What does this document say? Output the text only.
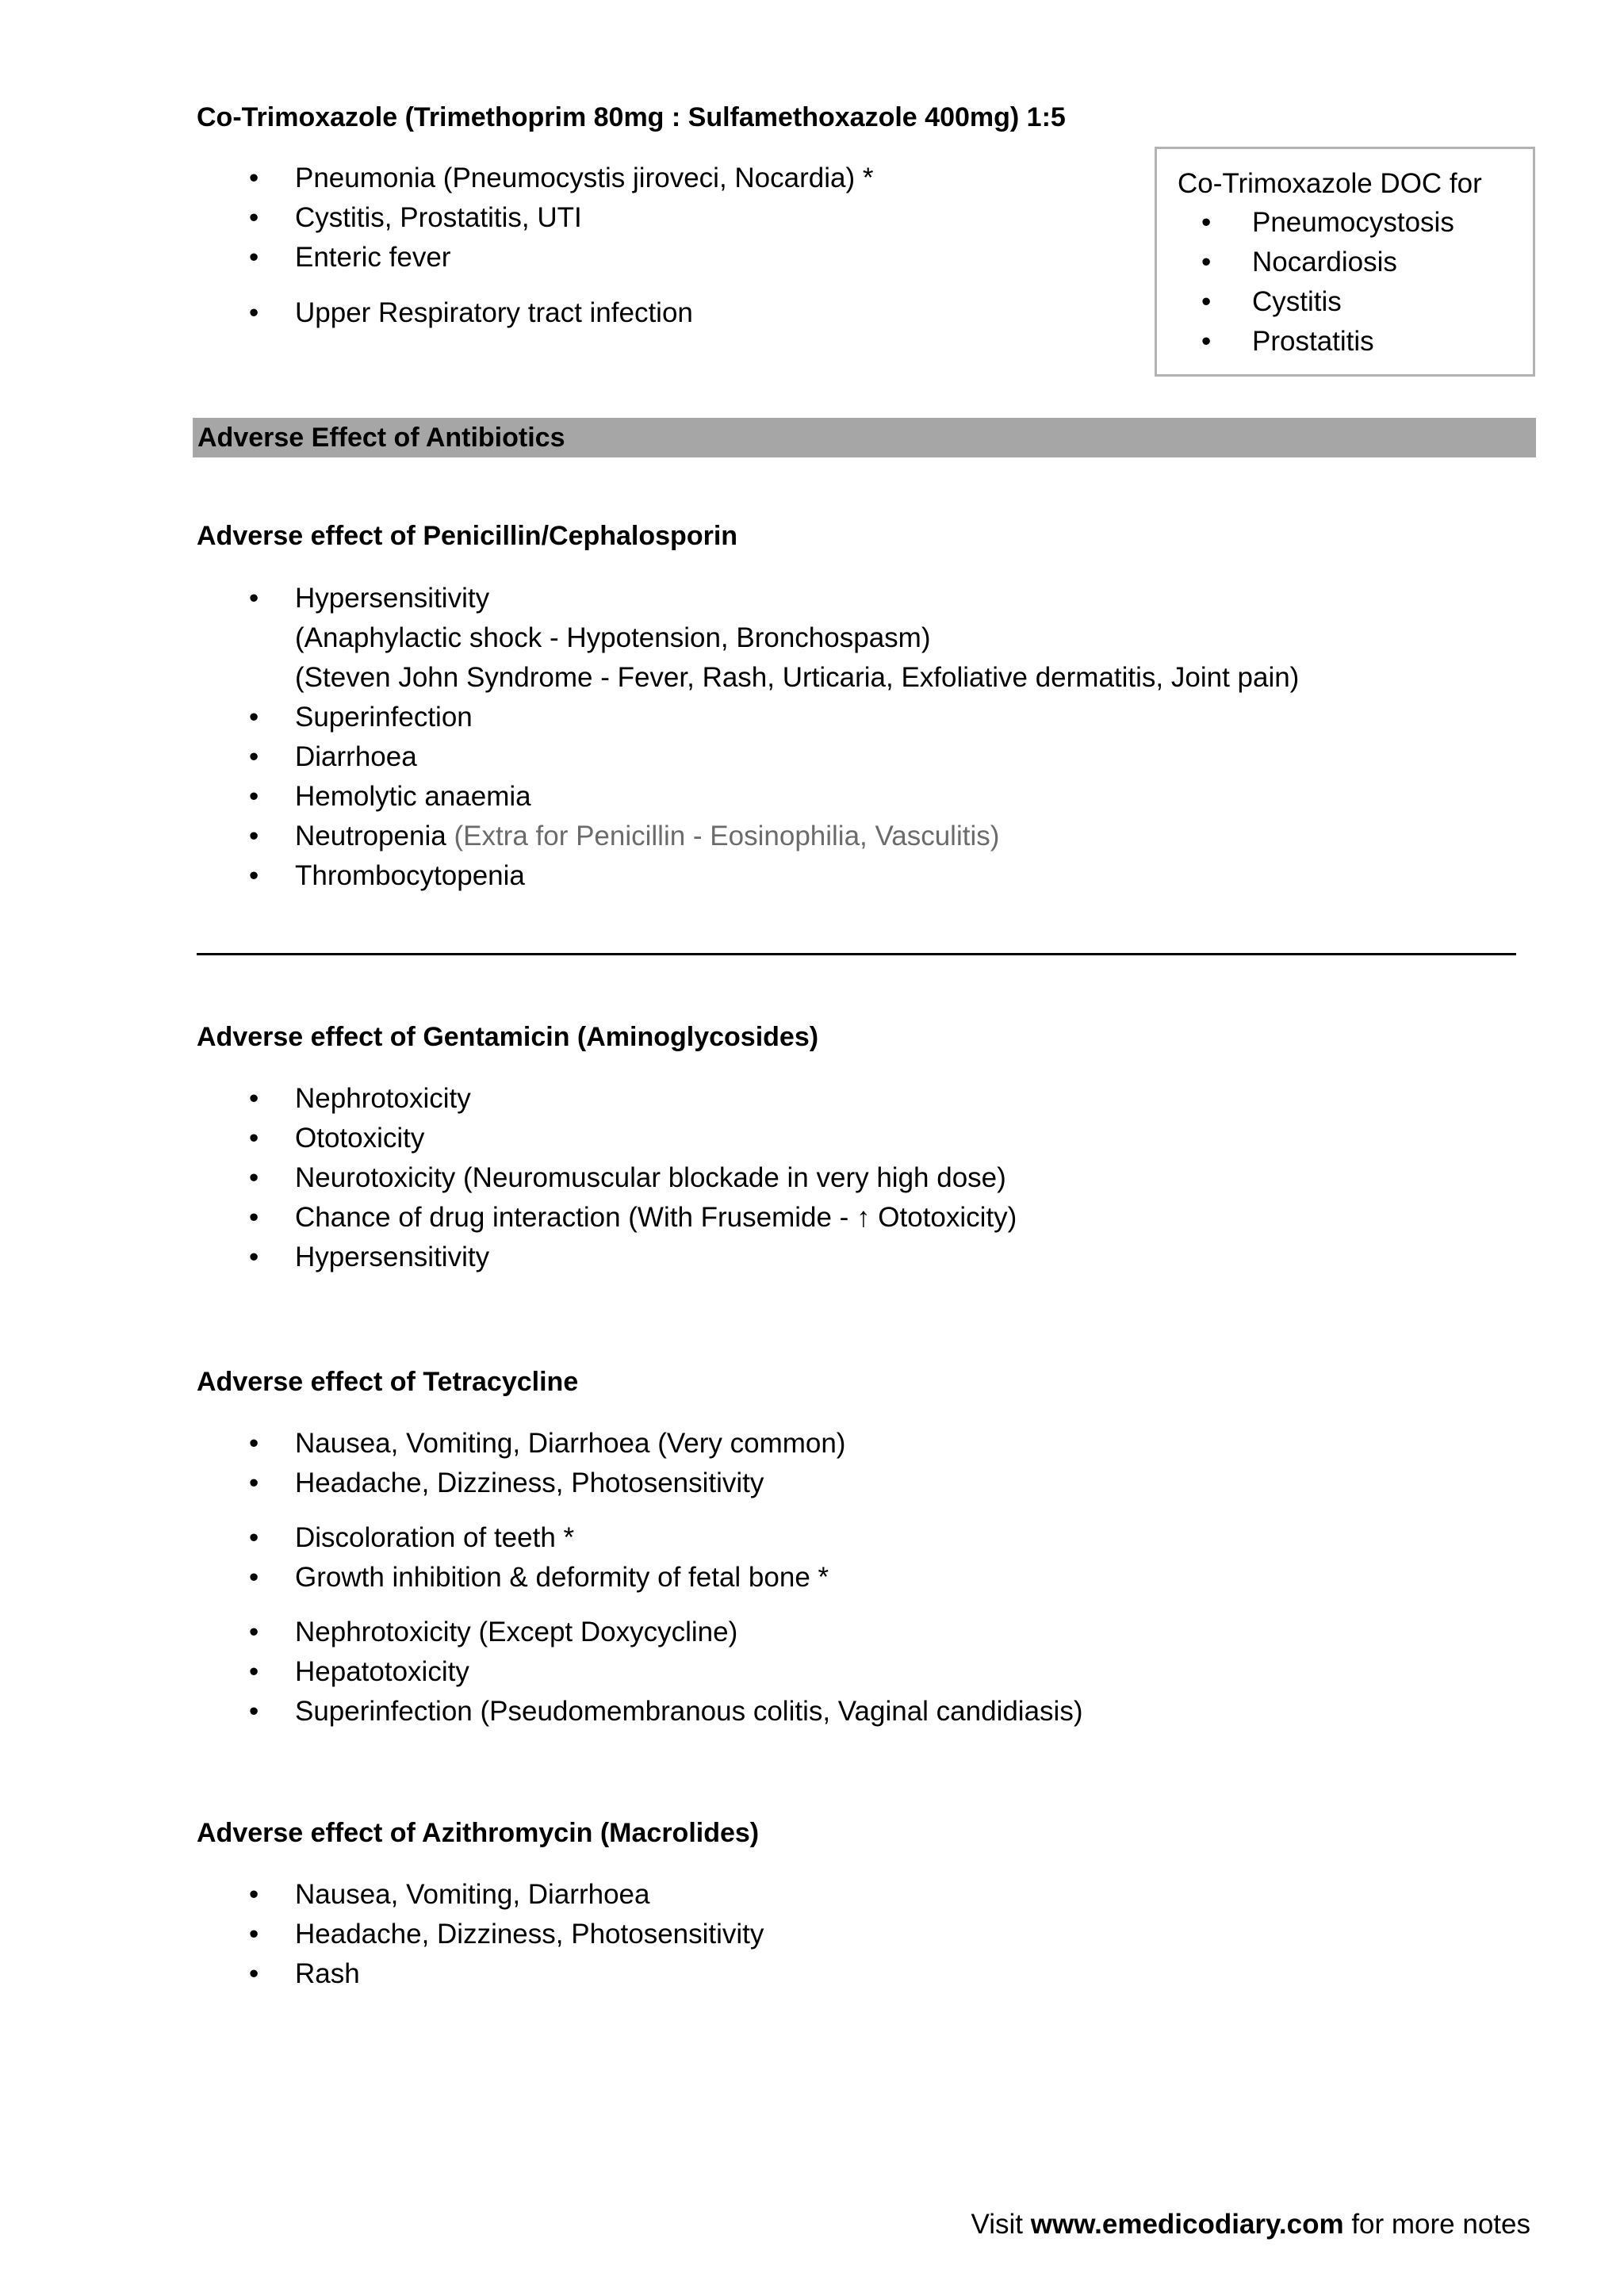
Co-Trimoxazole (Trimethoprim 80mg : Sulfamethoxazole 400mg) 1:5
• Pneumonia (Pneumocystis jiroveci, Nocardia) *
• Cystitis, Prostatitis, UTI
• Enteric fever
• Upper Respiratory tract infection
Co-Trimoxazole DOC for
• Pneumocystosis
• Nocardiosis
• Cystitis
• Prostatitis
Adverse Effect of Antibiotics
Adverse effect of Penicillin/Cephalosporin
• Hypersensitivity
(Anaphylactic shock - Hypotension, Bronchospasm)
(Steven John Syndrome - Fever, Rash, Urticaria, Exfoliative dermatitis, Joint pain)
• Superinfection
• Diarrhoea
• Hemolytic anaemia
• Neutropenia (Extra for Penicillin - Eosinophilia, Vasculitis)
• Thrombocytopenia
Adverse effect of Gentamicin (Aminoglycosides)
• Nephrotoxicity
• Ototoxicity
• Neurotoxicity (Neuromuscular blockade in very high dose)
• Chance of drug interaction (With Frusemide - ↑ Ototoxicity)
• Hypersensitivity
Adverse effect of Tetracycline
• Nausea, Vomiting, Diarrhoea (Very common)
• Headache, Dizziness, Photosensitivity
• Discoloration of teeth *
• Growth inhibition & deformity of fetal bone *
• Nephrotoxicity (Except Doxycycline)
• Hepatotoxicity
• Superinfection (Pseudomembranous colitis, Vaginal candidiasis)
Adverse effect of Azithromycin (Macrolides)
• Nausea, Vomiting, Diarrhoea
• Headache, Dizziness, Photosensitivity
• Rash
Visit www.emedicodiary.com for more notes
